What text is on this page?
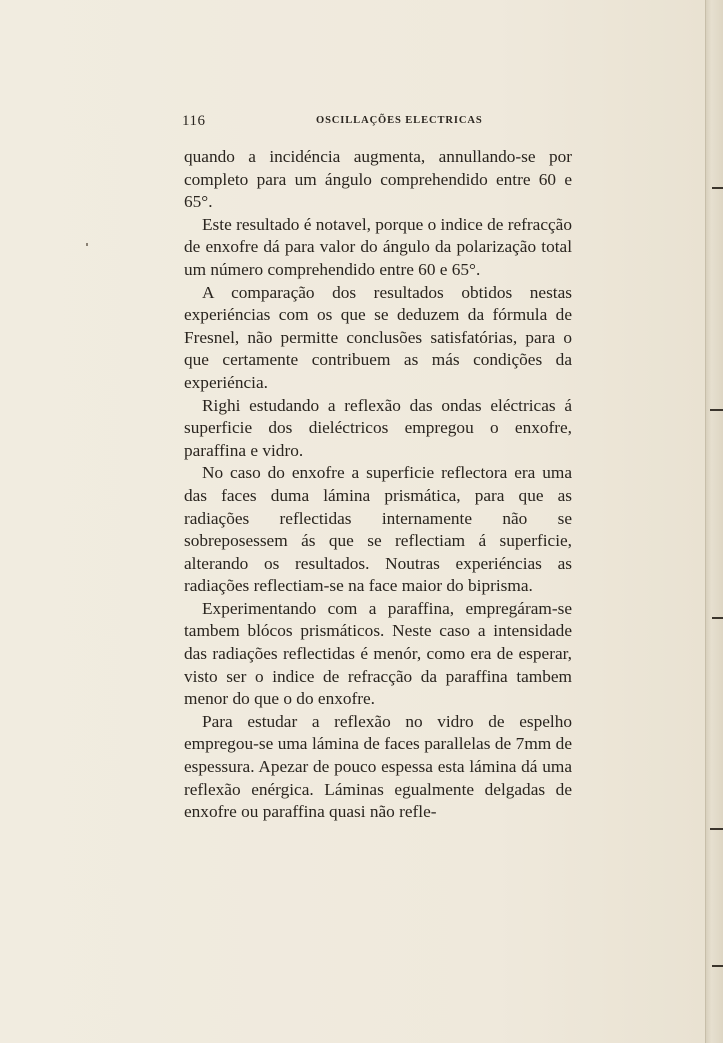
116	OSCILLAÇÕES ELECTRICAS

quando a incidéncia augmenta, annullando-se por completo para um ángulo comprehendido entre 60 e 65°.

Este resultado é notavel, porque o indice de refracção de enxofre dá para valor do ángulo da polarização total um número comprehendido entre 60 e 65°.

A comparação dos resultados obtidos nestas experiéncias com os que se deduzem da fórmula de Fresnel, não permitte conclusões satisfatórias, para o que certamente contribuem as más condições da experiéncia.

Righi estudando a reflexão das ondas eléctricas á superficie dos dieléctricos empregou o enxofre, paraffina e vidro.

No caso do enxofre a superficie reflectora era uma das faces duma lámina prismática, para que as radiações reflectidas internamente não se sobreposessem ás que se reflectiam á superficie, alterando os resultados. Noutras experiéncias as radiações reflectiam-se na face maior do biprisma.

Experimentando com a paraffina, empregáram-se tambem blócos prismáticos. Neste caso a intensidade das radiações reflectidas é menór, como era de esperar, visto ser o indice de refracção da paraffina tambem menor do que o do enxofre.

Para estudar a reflexão no vidro de espelho empregou-se uma lámina de faces parallelas de 7mm de espessura. Apezar de pouco espessa esta lámina dá uma reflexão enérgica. Láminas egualmente delgadas de enxofre ou paraffina quasi não refle-
